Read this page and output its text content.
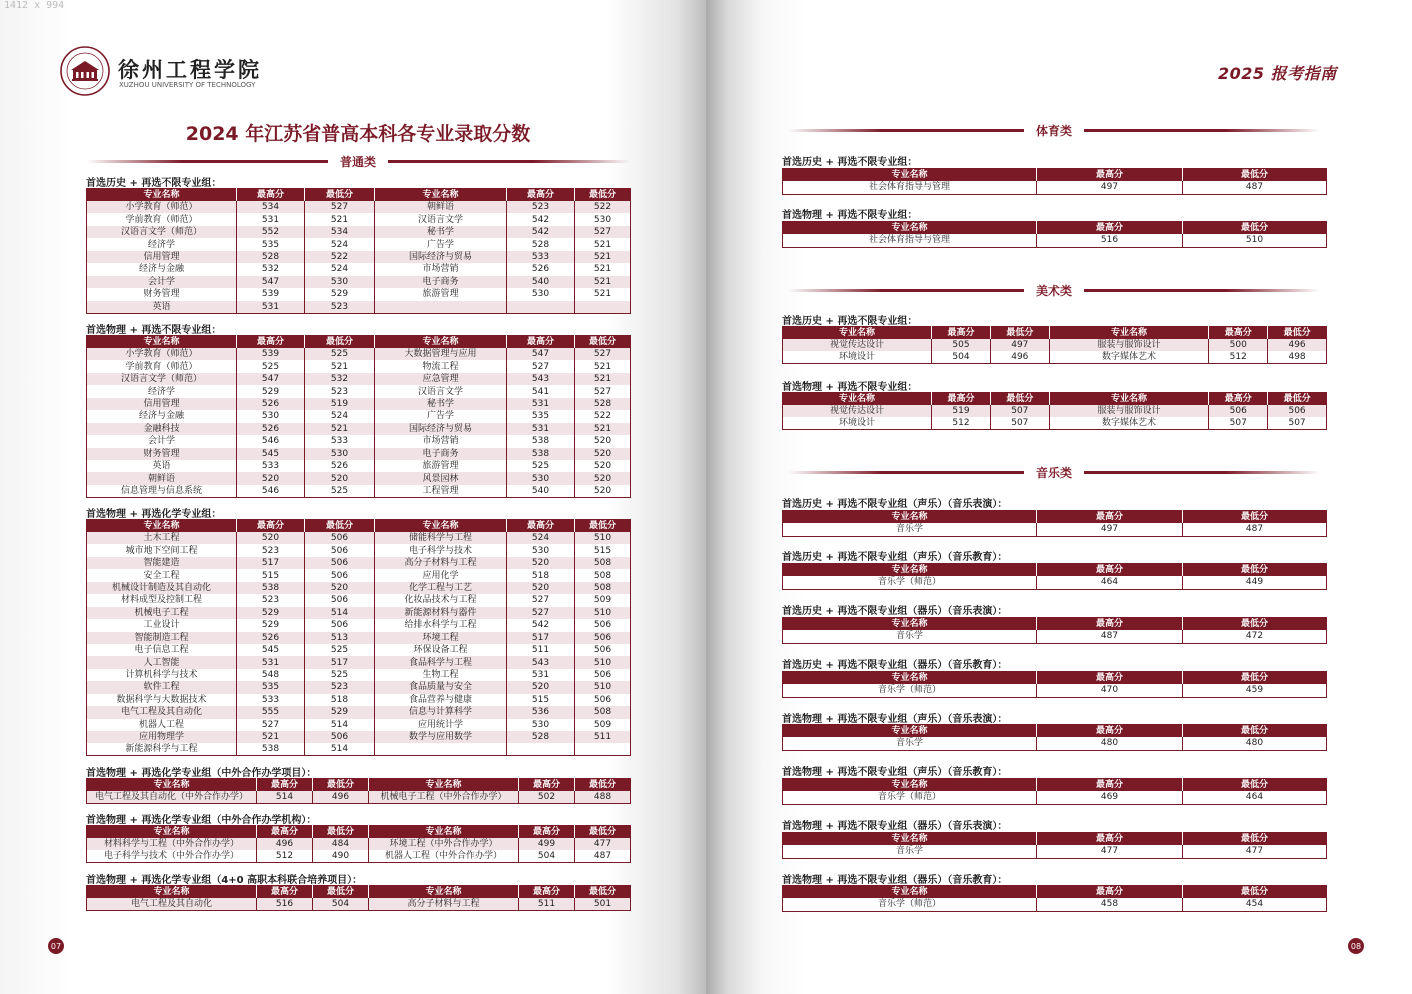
1412 x 994
徐州工程学院
XUZHOU UNIVERSITY OF TECHNOLOGY
2024 年江苏省普高本科各专业录取分数
普通类
首选历史 + 再选不限专业组：
专业名称	最高分	最低分	专业名称	最高分	最低分
小学教育（师范）	534	527	朝鲜语	523	522
学前教育（师范）	531	521	汉语言文学	542	530
汉语言文学（师范）	552	534	秘书学	542	527
经济学	535	524	广告学	528	521
信用管理	528	522	国际经济与贸易	533	521
经济与金融	532	524	市场营销	526	521
会计学	547	530	电子商务	540	521
财务管理	539	529	旅游管理	530	521
英语	531	523			
首选物理 + 再选不限专业组：
专业名称	最高分	最低分	专业名称	最高分	最低分
小学教育（师范）	539	525	大数据管理与应用	547	527
学前教育（师范）	525	521	物流工程	527	521
汉语言文学（师范）	547	532	应急管理	543	521
经济学	529	523	汉语言文学	541	527
信用管理	526	519	秘书学	531	528
经济与金融	530	524	广告学	535	522
金融科技	526	521	国际经济与贸易	531	521
会计学	546	533	市场营销	538	520
财务管理	545	530	电子商务	538	520
英语	533	526	旅游管理	525	520
朝鲜语	520	520	风景园林	530	520
信息管理与信息系统	546	525	工程管理	540	520
首选物理 + 再选化学专业组：
专业名称	最高分	最低分	专业名称	最高分	最低分
土木工程	520	506	储能科学与工程	524	510
城市地下空间工程	523	506	电子科学与技术	530	515
智能建造	517	506	高分子材料与工程	520	508
安全工程	515	506	应用化学	518	508
机械设计制造及其自动化	538	520	化学工程与工艺	520	508
材料成型及控制工程	523	506	化妆品技术与工程	527	509
机械电子工程	529	514	新能源材料与器件	527	510
工业设计	529	506	给排水科学与工程	542	506
智能制造工程	526	513	环境工程	517	506
电子信息工程	545	525	环保设备工程	511	506
人工智能	531	517	食品科学与工程	543	510
计算机科学与技术	548	525	生物工程	531	506
软件工程	535	523	食品质量与安全	520	510
数据科学与大数据技术	533	518	食品营养与健康	515	506
电气工程及其自动化	555	529	信息与计算科学	536	508
机器人工程	527	514	应用统计学	530	509
应用物理学	521	506	数学与应用数学	528	511
新能源科学与工程	538	514			
首选物理 + 再选化学专业组（中外合作办学项目）：
专业名称	最高分	最低分	专业名称	最高分	最低分
电气工程及其自动化（中外合作办学）	514	496	机械电子工程（中外合作办学）	502	488
首选物理 + 再选化学专业组（中外合作办学机构）：
专业名称	最高分	最低分	专业名称	最高分	最低分
材料科学与工程（中外合作办学）	496	484	环境工程（中外合作办学）	499	477
电子科学与技术（中外合作办学）	512	490	机器人工程（中外合作办学）	504	487
首选物理 + 再选化学专业组（4+0 高职本科联合培养项目）：
专业名称	最高分	最低分	专业名称	最高分	最低分
电气工程及其自动化	516	504	高分子材料与工程	511	501
07
2025 报考指南
体育类
美术类
音乐类
首选历史 + 再选不限专业组：
专业名称	最高分	最低分
社会体育指导与管理	497	487
首选物理 + 再选不限专业组：
专业名称	最高分	最低分
社会体育指导与管理	516	510
首选历史 + 再选不限专业组：
专业名称	最高分	最低分	专业名称	最高分	最低分
视觉传达设计	505	497	服装与服饰设计	500	496
环境设计	504	496	数字媒体艺术	512	498
首选物理 + 再选不限专业组：
专业名称	最高分	最低分	专业名称	最高分	最低分
视觉传达设计	519	507	服装与服饰设计	506	506
环境设计	512	507	数字媒体艺术	507	507
首选历史 + 再选不限专业组（声乐）（音乐表演）：
专业名称	最高分	最低分
音乐学	497	487
首选历史 + 再选不限专业组（声乐）（音乐教育）：
专业名称	最高分	最低分
音乐学（师范）	464	449
首选历史 + 再选不限专业组（器乐）（音乐表演）：
专业名称	最高分	最低分
音乐学	487	472
首选历史 + 再选不限专业组（器乐）（音乐教育）：
专业名称	最高分	最低分
音乐学（师范）	470	459
首选物理 + 再选不限专业组（声乐）（音乐表演）：
专业名称	最高分	最低分
音乐学	480	480
首选物理 + 再选不限专业组（声乐）（音乐教育）：
专业名称	最高分	最低分
音乐学（师范）	469	464
首选物理 + 再选不限专业组（器乐）（音乐表演）：
专业名称	最高分	最低分
音乐学	477	477
首选物理 + 再选不限专业组（器乐）（音乐教育）：
专业名称	最高分	最低分
音乐学（师范）	458	454
08
